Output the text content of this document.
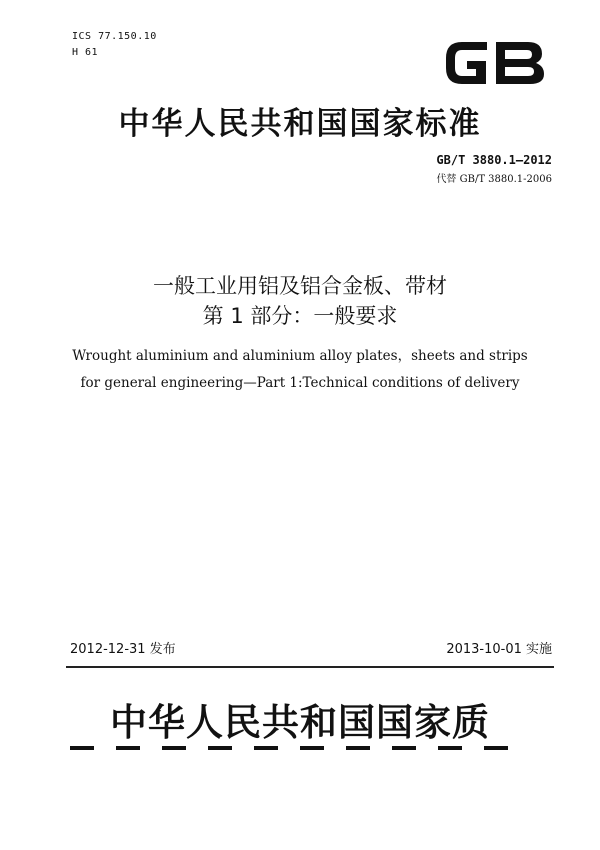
ICS 77.150.10
H 61
中华人民共和国国家标准
GB/T 3880.1—2012
代替 GB/T 3880.1-2006
一般工业用铝及铝合金板、带材
第 1 部分：一般要求
Wrought aluminium and aluminium alloy plates，sheets and strips
for general engineering—Part 1:Technical conditions of delivery
2012-12-31 发布	2013-10-01 实施
中华人民共和国国家质
